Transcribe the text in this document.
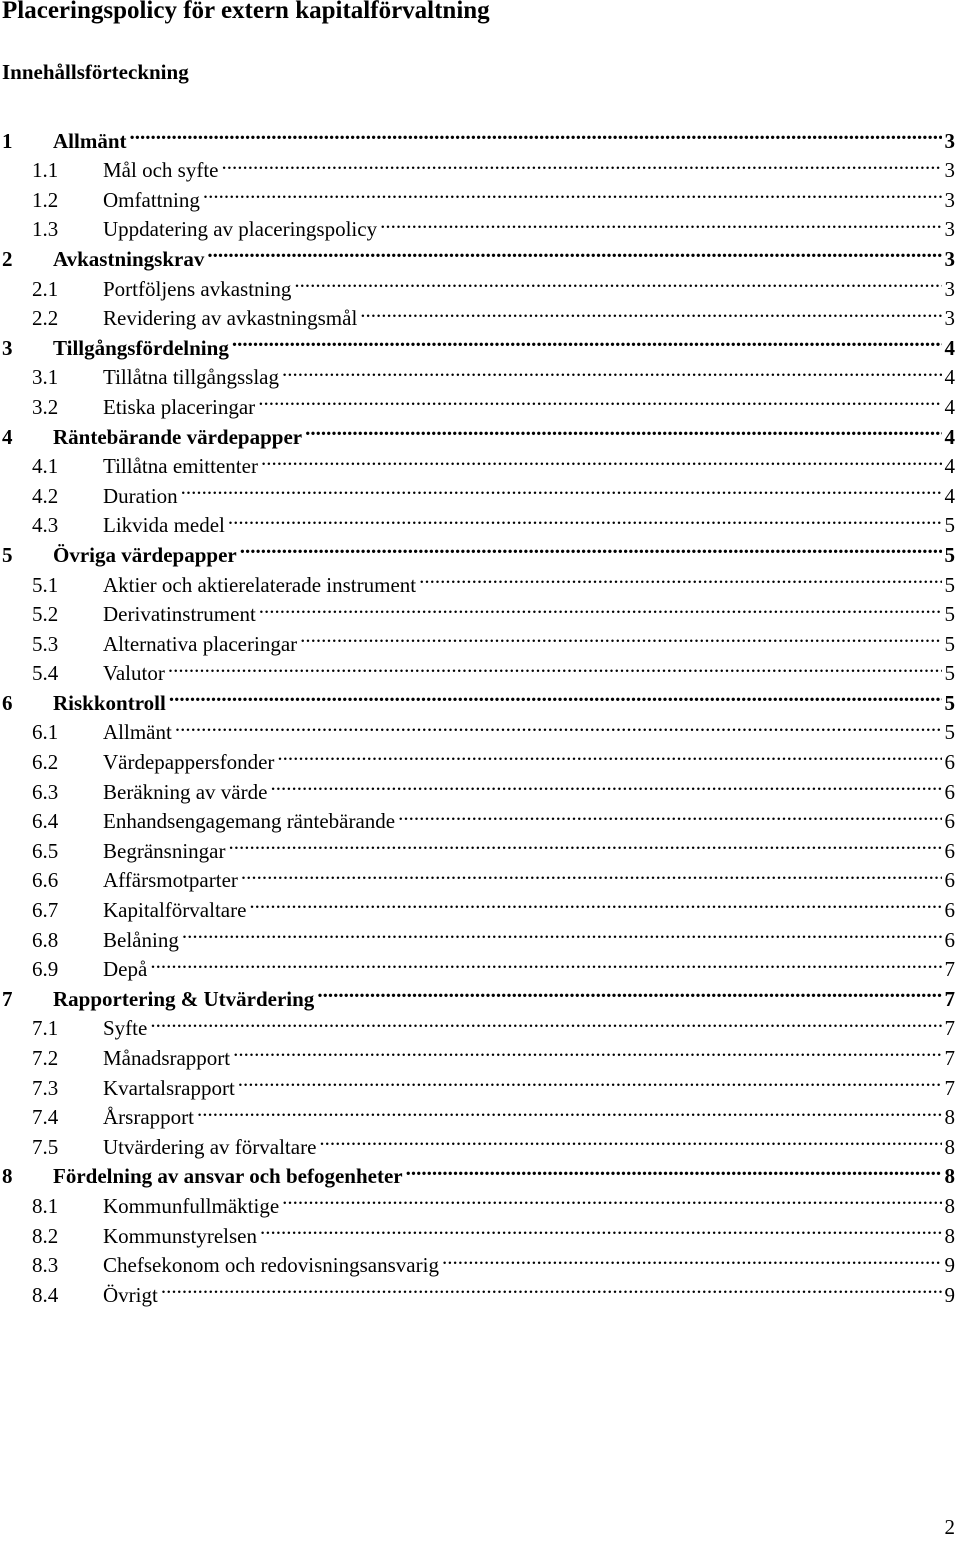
Placeringspolicy för extern kapitalförvaltning
Innehållsförteckning
1	Allmänt .....	3
1.1	Mål och syfte .....	3
1.2	Omfattning .....	3
1.3	Uppdatering av placeringspolicy .....	3
2	Avkastningskrav .....	3
2.1	Portföljens avkastning .....	3
2.2	Revidering av avkastningsmål .....	3
3	Tillgångsfördelning .....	4
3.1	Tillåtna tillgångsslag .....	4
3.2	Etiska placeringar .....	4
4	Räntebärande värdepapper .....	4
4.1	Tillåtna emittenter .....	4
4.2	Duration .....	4
4.3	Likvida medel .....	5
5	Övriga värdepapper .....	5
5.1	Aktier och aktierelaterade instrument .....	5
5.2	Derivatinstrument .....	5
5.3	Alternativa placeringar .....	5
5.4	Valutor .....	5
6	Riskkontroll .....	5
6.1	Allmänt .....	5
6.2	Värdepappersfonder .....	6
6.3	Beräkning av värde .....	6
6.4	Enhandsengagemang räntebärande .....	6
6.5	Begränsningar .....	6
6.6	Affärsmotparter .....	6
6.7	Kapitalförvaltare .....	6
6.8	Belåning .....	6
6.9	Depå .....	7
7	Rapportering & Utvärdering .....	7
7.1	Syfte .....	7
7.2	Månadsrapport .....	7
7.3	Kvartalsrapport .....	7
7.4	Årsrapport .....	8
7.5	Utvärdering av förvaltare .....	8
8	Fördelning av ansvar och befogenheter .....	8
8.1	Kommunfullmäktige .....	8
8.2	Kommunstyrelsen .....	8
8.3	Chefsekonom och redovisningsansvarig .....	9
8.4	Övrigt .....	9
2
